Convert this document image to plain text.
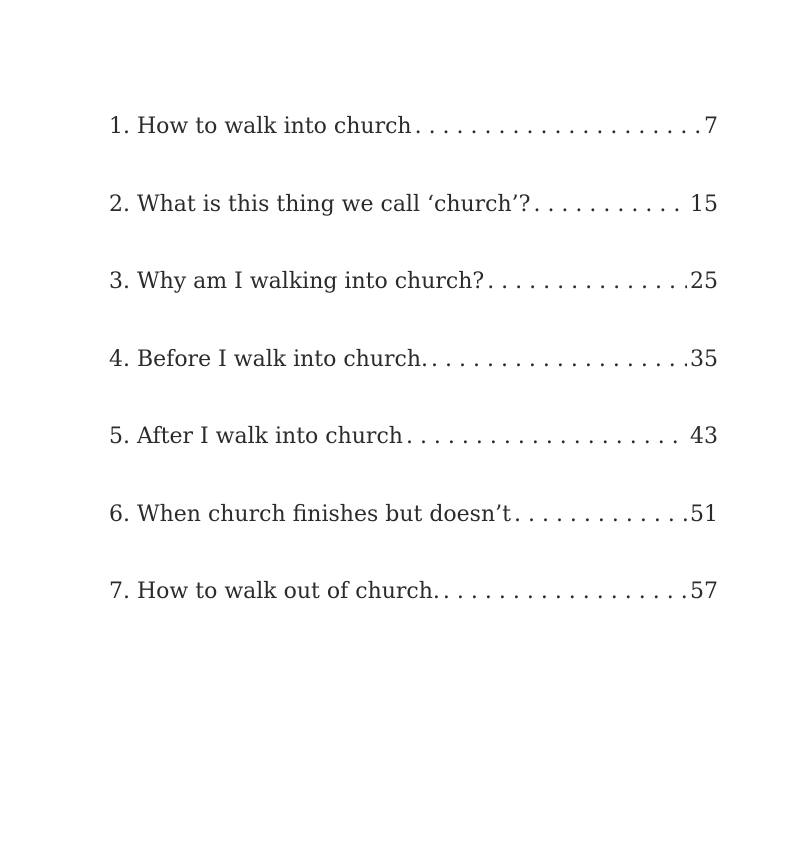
1. How to walk into church . . .	7
2. What is this thing we call ‘church’? . . .	15
3. Why am I walking into church? . . .	25
4. Before I walk into church. . . .	35
5. After I walk into church . . .	43
6. When church finishes but doesn’t . . .	51
7. How to walk out of church. . . .	57
